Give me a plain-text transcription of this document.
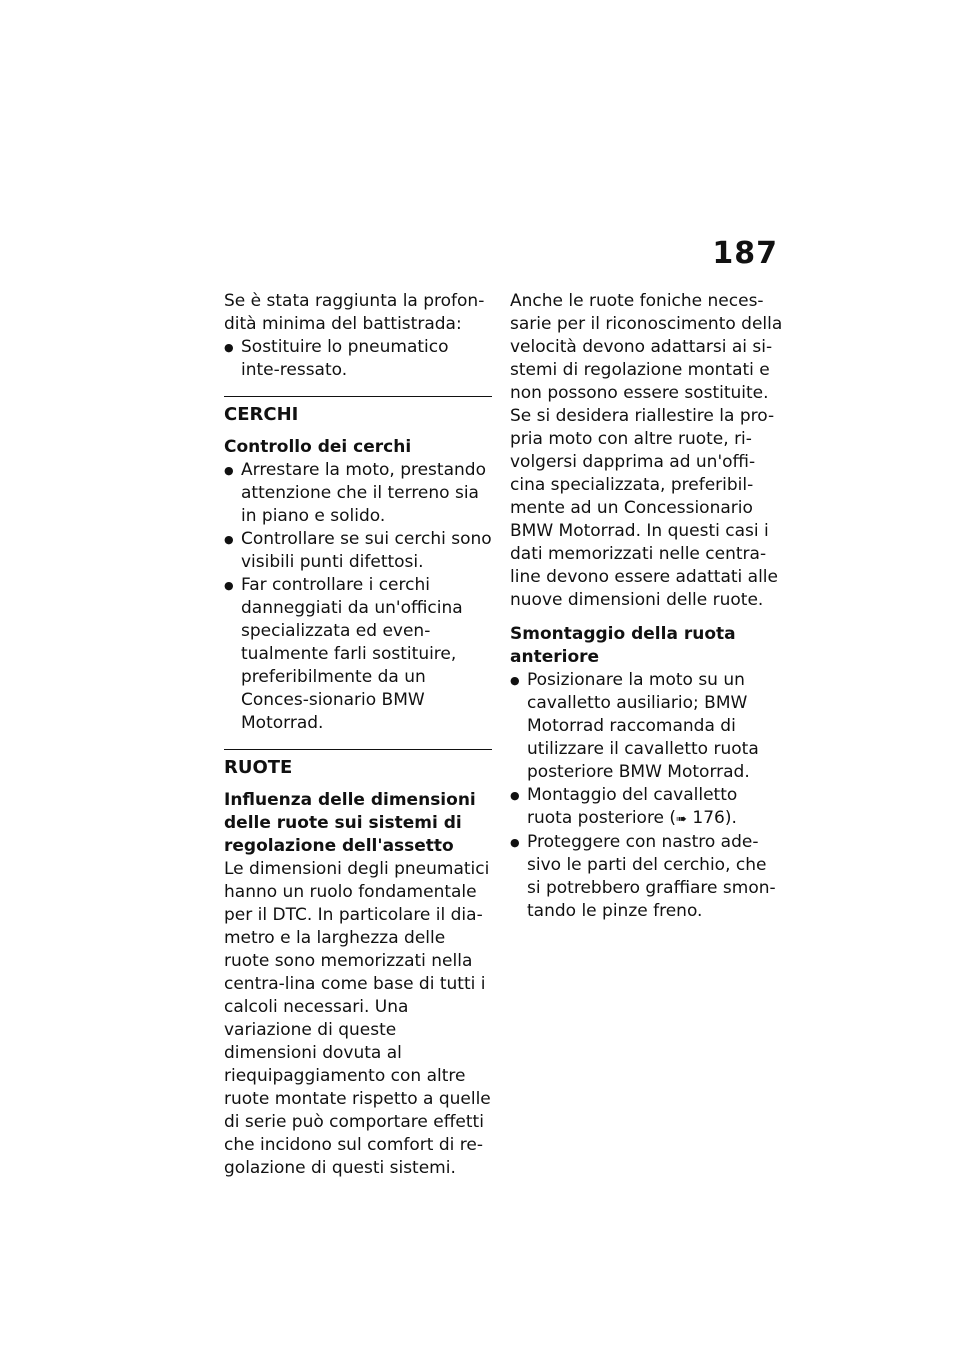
187

Se è stata raggiunta la profon-dità minima del battistrada:

● Sostituire lo pneumatico inte-ressato.
CERCHI
Controllo dei cerchi
● Arrestare la moto, prestando attenzione che il terreno sia in piano e solido.
● Controllare se sui cerchi sono visibili punti difettosi.
● Far controllare i cerchi danneggiati da un'officina specializzata ed even-tualmente farli sostituire, preferibilmente da un Conces-sionario BMW Motorrad.
RUOTE
Influenza delle dimensioni delle ruote sui sistemi di regolazione dell'assetto

Le dimensioni degli pneumatici hanno un ruolo fondamentale per il DTC. In particolare il dia-metro e la larghezza delle ruote sono memorizzati nella centra-lina come base di tutti i calcoli necessari. Una variazione di queste dimensioni dovuta al riequipaggiamento con altre ruote montate rispetto a quelle di serie può comportare effetti che incidono sul comfort di re-golazione di questi sistemi.

Anche le ruote foniche neces-sarie per il riconoscimento della velocità devono adattarsi ai si-stemi di regolazione montati e non possono essere sostituite.

Se si desidera riallestire la pro-pria moto con altre ruote, ri-volgersi dapprima ad un'offi-cina specializzata, preferibil-mente ad un Concessionario BMW Motorrad. In questi casi i dati memorizzati nelle centra-line devono essere adattati alle nuove dimensioni delle ruote.

Smontaggio della ruota anteriore
● Posizionare la moto su un cavalletto ausiliario; BMW Motorrad raccomanda di utilizzare il cavalletto ruota posteriore BMW Motorrad.
● Montaggio del cavalletto ruota posteriore (➠ 176).
● Proteggere con nastro ade-sivo le parti del cerchio, che si potrebbero graffiare smon-tando le pinze freno.
